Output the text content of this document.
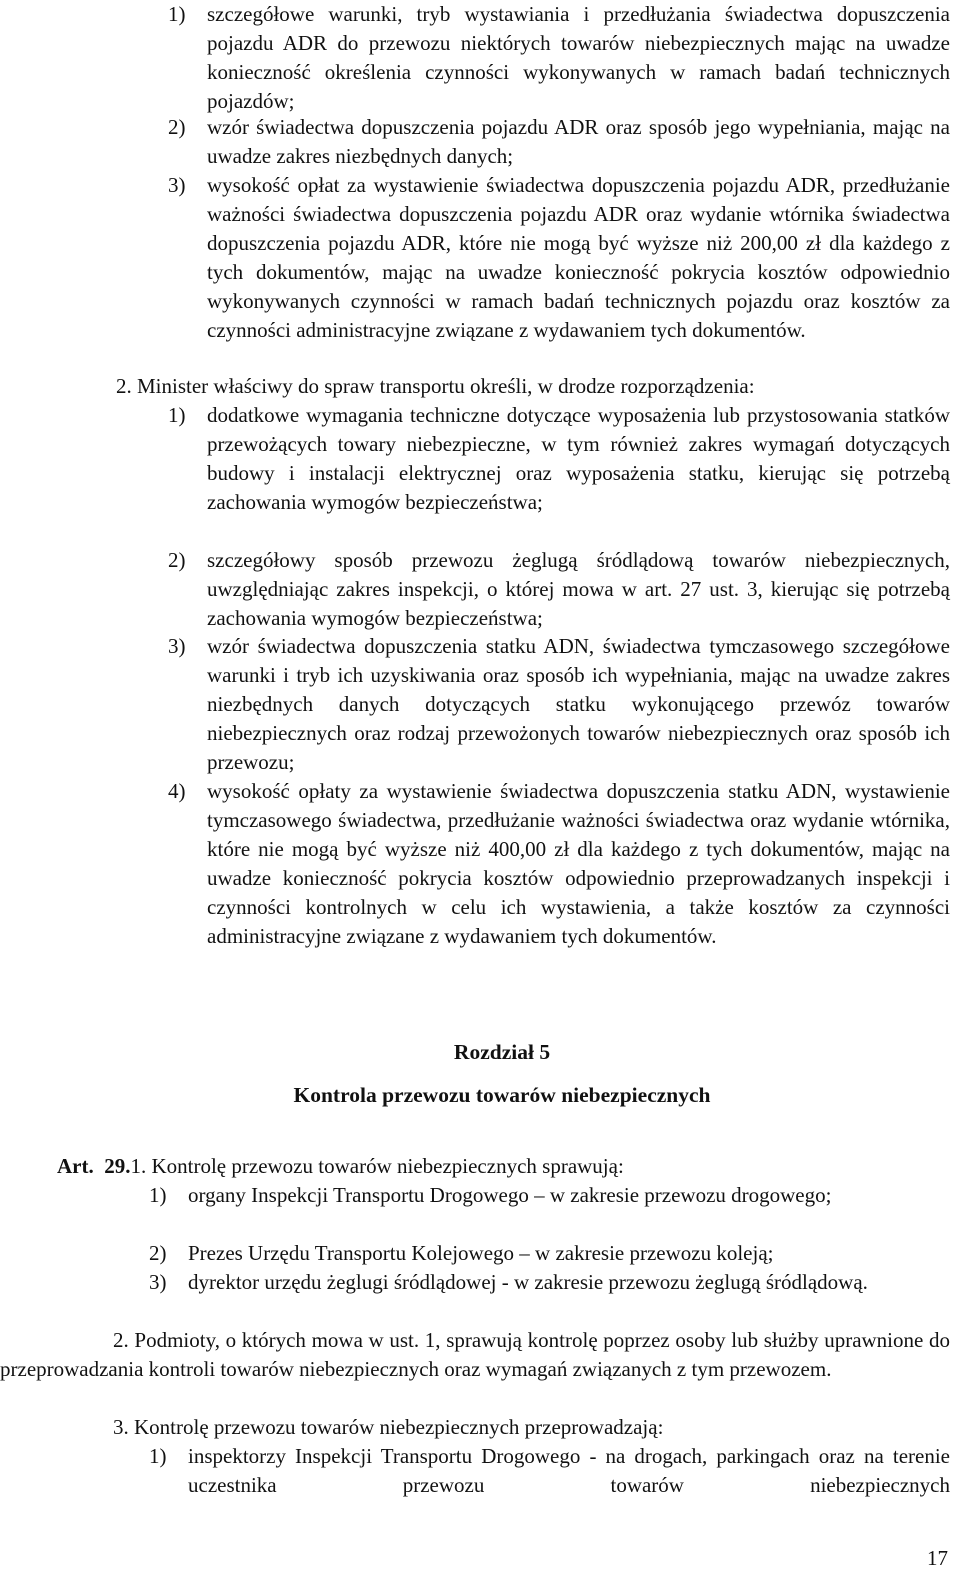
1) szczegółowe warunki, tryb wystawiania i przedłużania świadectwa dopuszczenia pojazdu ADR do przewozu niektórych towarów niebezpiecznych mając na uwadze konieczność określenia czynności wykonywanych w ramach badań technicznych pojazdów;
2) wzór świadectwa dopuszczenia pojazdu ADR oraz sposób jego wypełniania, mając na uwadze zakres niezbędnych danych;
3) wysokość opłat za wystawienie świadectwa dopuszczenia pojazdu ADR, przedłużanie ważności świadectwa dopuszczenia pojazdu ADR oraz wydanie wtórnika świadectwa dopuszczenia pojazdu ADR, które nie mogą być wyższe niż 200,00 zł dla każdego z tych dokumentów, mając na uwadze konieczność pokrycia kosztów odpowiednio wykonywanych czynności w ramach badań technicznych pojazdu oraz kosztów za czynności administracyjne związane z wydawaniem tych dokumentów.
2. Minister właściwy do spraw transportu określi, w drodze rozporządzenia:
1) dodatkowe wymagania techniczne dotyczące wyposażenia lub przystosowania statków przewożących towary niebezpieczne, w tym również zakres wymagań dotyczących budowy i instalacji elektrycznej oraz wyposażenia statku, kierując się potrzebą zachowania wymogów bezpieczeństwa;
2) szczegółowy sposób przewozu żeglugą śródlądową towarów niebezpiecznych, uwzględniając zakres inspekcji, o której mowa w art. 27 ust. 3, kierując się potrzebą zachowania wymogów bezpieczeństwa;
3) wzór świadectwa dopuszczenia statku ADN, świadectwa tymczasowego szczegółowe warunki i tryb ich uzyskiwania oraz sposób ich wypełniania, mając na uwadze zakres niezbędnych danych dotyczących statku wykonującego przewóz towarów niebezpiecznych oraz rodzaj przewożonych towarów niebezpiecznych oraz sposób ich przewozu;
4) wysokość opłaty za wystawienie świadectwa dopuszczenia statku ADN, wystawienie tymczasowego świadectwa, przedłużanie ważności świadectwa oraz wydanie wtórnika, które nie mogą być wyższe niż 400,00 zł dla każdego z tych dokumentów, mając na uwadze konieczność pokrycia kosztów odpowiednio przeprowadzanych inspekcji i czynności kontrolnych w celu ich wystawienia, a także kosztów za czynności administracyjne związane z wydawaniem tych dokumentów.
Rozdział 5
Kontrola przewozu towarów niebezpiecznych
Art.  29.1. Kontrolę przewozu towarów niebezpiecznych sprawują:
1) organy Inspekcji Transportu Drogowego – w zakresie przewozu drogowego;
2) Prezes Urzędu Transportu Kolejowego – w zakresie przewozu koleją;
3) dyrektor urzędu żeglugi śródlądowej - w zakresie przewozu żeglugą śródlądową.
2. Podmioty, o których mowa w ust. 1, sprawują kontrolę poprzez osoby lub służby uprawnione do przeprowadzania kontroli towarów niebezpiecznych oraz wymagań związanych z tym przewozem.
3. Kontrolę przewozu towarów niebezpiecznych przeprowadzają:
1) inspektorzy Inspekcji Transportu Drogowego - na drogach, parkingach oraz na terenie uczestnika przewozu towarów niebezpiecznych
17
